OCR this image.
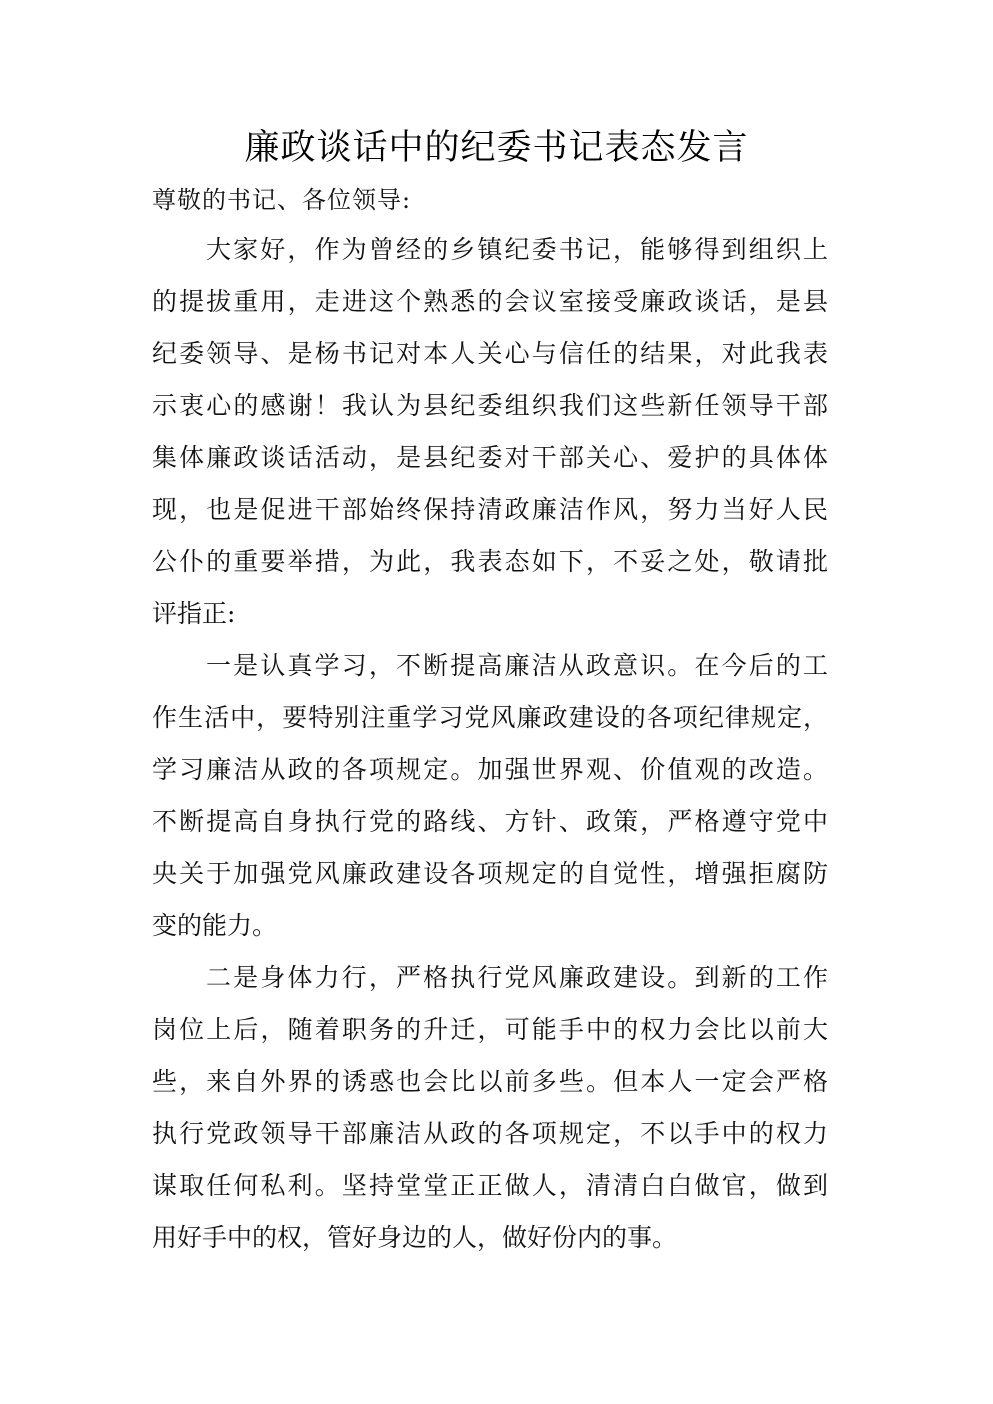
廉政谈话中的纪委书记表态发言
尊敬的书记、各位领导:
大家好，作为曾经的乡镇纪委书记，能够得到组织上
的提拔重用，走进这个熟悉的会议室接受廉政谈话，是县
纪委领导、是杨书记对本人关心与信任的结果，对此我表
示衷心的感谢！我认为县纪委组织我们这些新任领导干部
集体廉政谈话活动，是县纪委对干部关心、爱护的具体体
现，也是促进干部始终保持清政廉洁作风，努力当好人民
公仆的重要举措，为此，我表态如下，不妥之处，敬请批
评指正:
一是认真学习，不断提高廉洁从政意识。在今后的工
作生活中，要特别注重学习党风廉政建设的各项纪律规定，
学习廉洁从政的各项规定。加强世界观、价值观的改造。
不断提高自身执行党的路线、方针、政策，严格遵守党中
央关于加强党风廉政建设各项规定的自觉性，增强拒腐防
变的能力。
二是身体力行，严格执行党风廉政建设。到新的工作
岗位上后，随着职务的升迁，可能手中的权力会比以前大
些，来自外界的诱惑也会比以前多些。但本人一定会严格
执行党政领导干部廉洁从政的各项规定，不以手中的权力
谋取任何私利。坚持堂堂正正做人，清清白白做官，做到
用好手中的权，管好身边的人，做好份内的事。
